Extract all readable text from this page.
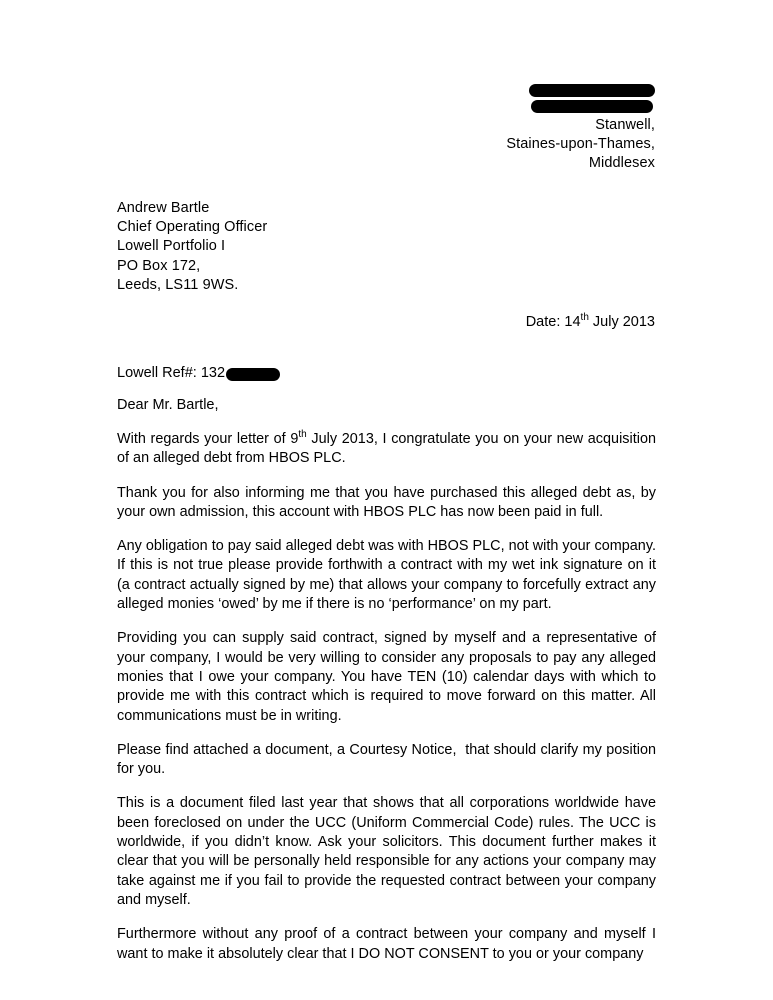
Stanwell,
Staines-upon-Thames,
Middlesex
Andrew Bartle
Chief Operating Officer
Lowell Portfolio I
PO Box 172,
Leeds, LS11 9WS.
Date: 14th July 2013
Lowell Ref#:
132
Dear Mr. Bartle,

With regards your letter of 9th July 2013, I congratulate you on your new acquisition of an alleged debt from HBOS PLC.

Thank you for also informing me that you have purchased this alleged debt as, by your own admission, this account with HBOS PLC has now been paid in full.

Any obligation to pay said alleged debt was with HBOS PLC, not with your company. If this is not true please provide forthwith a contract with my wet ink signature on it (a contract actually signed by me) that allows your company to forcefully extract any alleged monies ‘owed’ by me if there is no ‘performance’ on my part.

Providing you can supply said contract, signed by myself and a representative of your company, I would be very willing to consider any proposals to pay any alleged monies that I owe your company. You have TEN (10) calendar days with which to provide me with this contract which is required to move forward on this matter. All communications must be in writing.

Please find attached a document, a Courtesy Notice,  that should clarify my position for you.

This is a document filed last year that shows that all corporations worldwide have been foreclosed on under the UCC (Uniform Commercial Code) rules. The UCC is worldwide, if you didn’t know. Ask your solicitors. This document further makes it clear that you will be personally held responsible for any actions your company may take against me if you fail to provide the requested contract between your company and myself.

Furthermore without any proof of a contract between your company and myself I want to make it absolutely clear that I DO NOT CONSENT to you or your company
